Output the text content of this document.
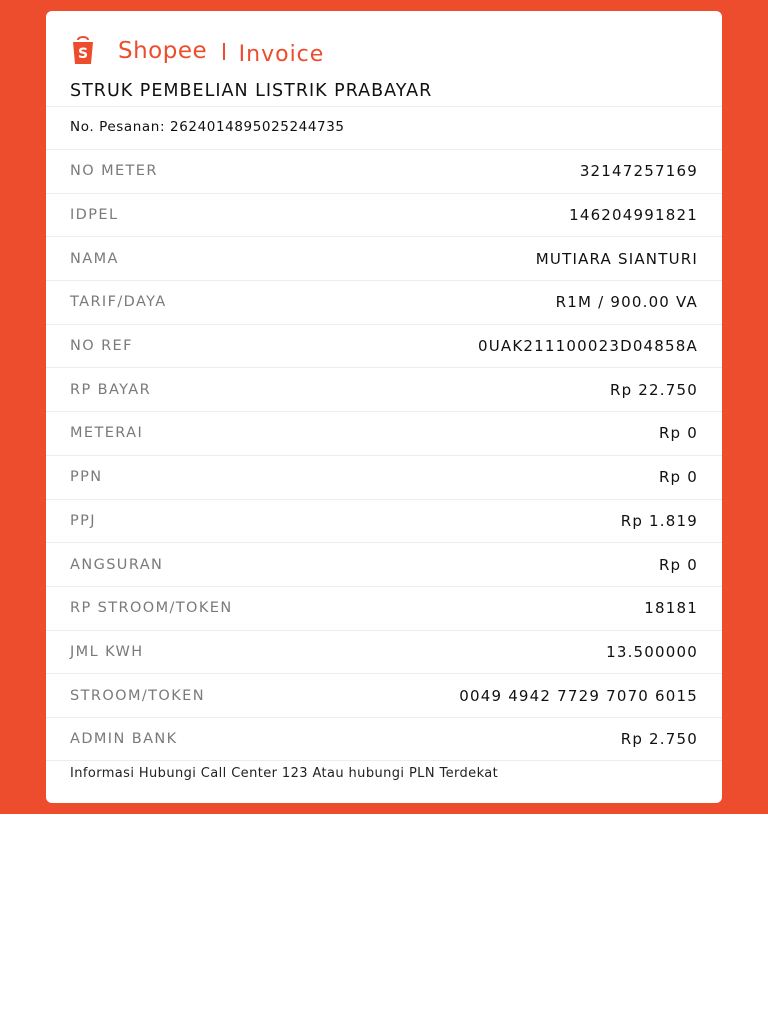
S Shopee Invoice
STRUK PEMBELIAN LISTRIK PRABAYAR
No. Pesanan: 2624014895025244735
NO METER	32147257169
IDPEL	146204991821
NAMA	MUTIARA SIANTURI
TARIF/DAYA	R1M / 900.00 VA
NO REF	0UAK211100023D04858A
RP BAYAR	Rp 22.750
METERAI	Rp 0
PPN	Rp 0
PPJ	Rp 1.819
ANGSURAN	Rp 0
RP STROOM/TOKEN	18181
JML KWH	13.500000
STROOM/TOKEN	0049 4942 7729 7070 6015
ADMIN BANK	Rp 2.750
Informasi Hubungi Call Center 123 Atau hubungi PLN Terdekat
